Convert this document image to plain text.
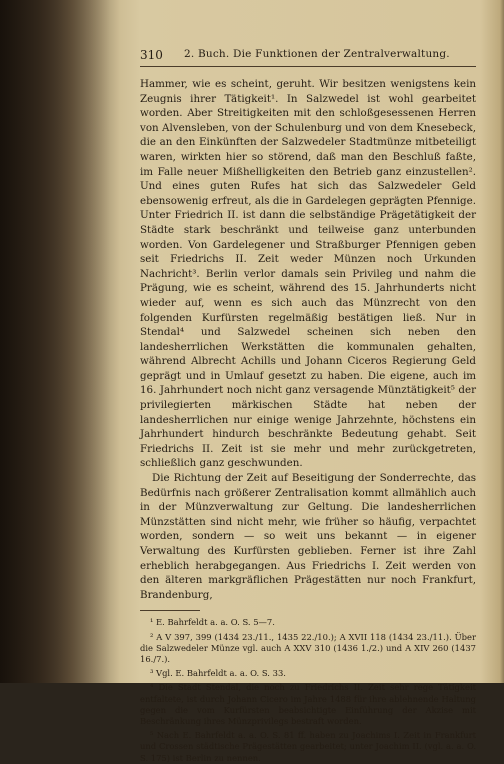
310 2. Buch. Die Funktionen der Zentralverwaltung.

Hammer, wie es scheint, geruht. Wir besitzen wenigstens kein Zeugnis ihrer Tätigkeit¹. In Salzwedel ist wohl gearbeitet worden. Aber Streitigkeiten mit den schloßgesessenen Herren von Alvensleben, von der Schulenburg und von dem Knesebeck, die an den Einkünften der Salzwedeler Stadtmünze mitbeteiligt waren, wirkten hier so störend, daß man den Beschluß faßte, im Falle neuer Mißhelligkeiten den Betrieb ganz einzustellen². Und eines guten Rufes hat sich das Salzwedeler Geld ebensowenig erfreut, als die in Gardelegen geprägten Pfennige. Unter Friedrich II. ist dann die selbständige Prägetätigkeit der Städte stark beschränkt und teilweise ganz unterbunden worden. Von Gardelegener und Straßburger Pfennigen geben seit Friedrichs II. Zeit weder Münzen noch Urkunden Nachricht³. Berlin verlor damals sein Privileg und nahm die Prägung, wie es scheint, während des 15. Jahrhunderts nicht wieder auf, wenn es sich auch das Münzrecht von den folgenden Kurfürsten regelmäßig bestätigen ließ. Nur in Stendal⁴ und Salzwedel scheinen sich neben den landesherrlichen Werkstätten die kommunalen gehalten, während Albrecht Achills und Johann Ciceros Regierung Geld geprägt und in Umlauf gesetzt zu haben. Die eigene, auch im 16. Jahrhundert noch nicht ganz versagende Münztätigkeit⁵ der privilegierten märkischen Städte hat neben der landesherrlichen nur einige wenige Jahrzehnte, höchstens ein Jahrhundert hindurch beschränkte Bedeutung gehabt. Seit Friedrichs II. Zeit ist sie mehr und mehr zurückgetreten, schließlich ganz geschwunden.

Die Richtung der Zeit auf Beseitigung der Sonderrechte, das Bedürfnis nach größerer Zentralisation kommt allmählich auch in der Münzverwaltung zur Geltung. Die landesherrlichen Münzstätten sind nicht mehr, wie früher so häufig, verpachtet worden, sondern — so weit uns bekannt — in eigener Verwaltung des Kurfürsten geblieben. Ferner ist ihre Zahl erheblich herabgegangen. Aus Friedrichs I. Zeit werden von den älteren markgräflichen Prägestätten nur noch Frankfurt, Brandenburg,

¹ E. Bahrfeldt a. a. O. S. 5—7.

² A V 397, 399 (1434 23./11., 1435 22./10.); A XVII 118 (1434 23./11.). Über die Salzwedeler Münze vgl. auch A XXV 310 (1436 1./2.) und A XIV 260 (1437 16./7.).

³ Vgl. E. Bahrfeldt a. a. O. S. 33.

⁴ Die Stadt Stendal, die noch zu Friedrichs II. Zeit sehr rege Tätigkeit entfaltete, ist durch Johann Cicero im Jahre 1488 für ihre ablehnende Haltung gegen die vom Kurfürsten beabsichtigte Einführung der Akzise mit Beschränkung ihres Münzprivilegs bestraft worden.

⁵ Nach E. Bahrfeldt a. a. O. S. 81 ff. haben zu Joachims I. Zeit in Frankfurt und Crossen städtische Prägestätten gearbeitet; unter Joachim II. (vgl. a. a. O. S. 175) ist Berlin zu nennen.
